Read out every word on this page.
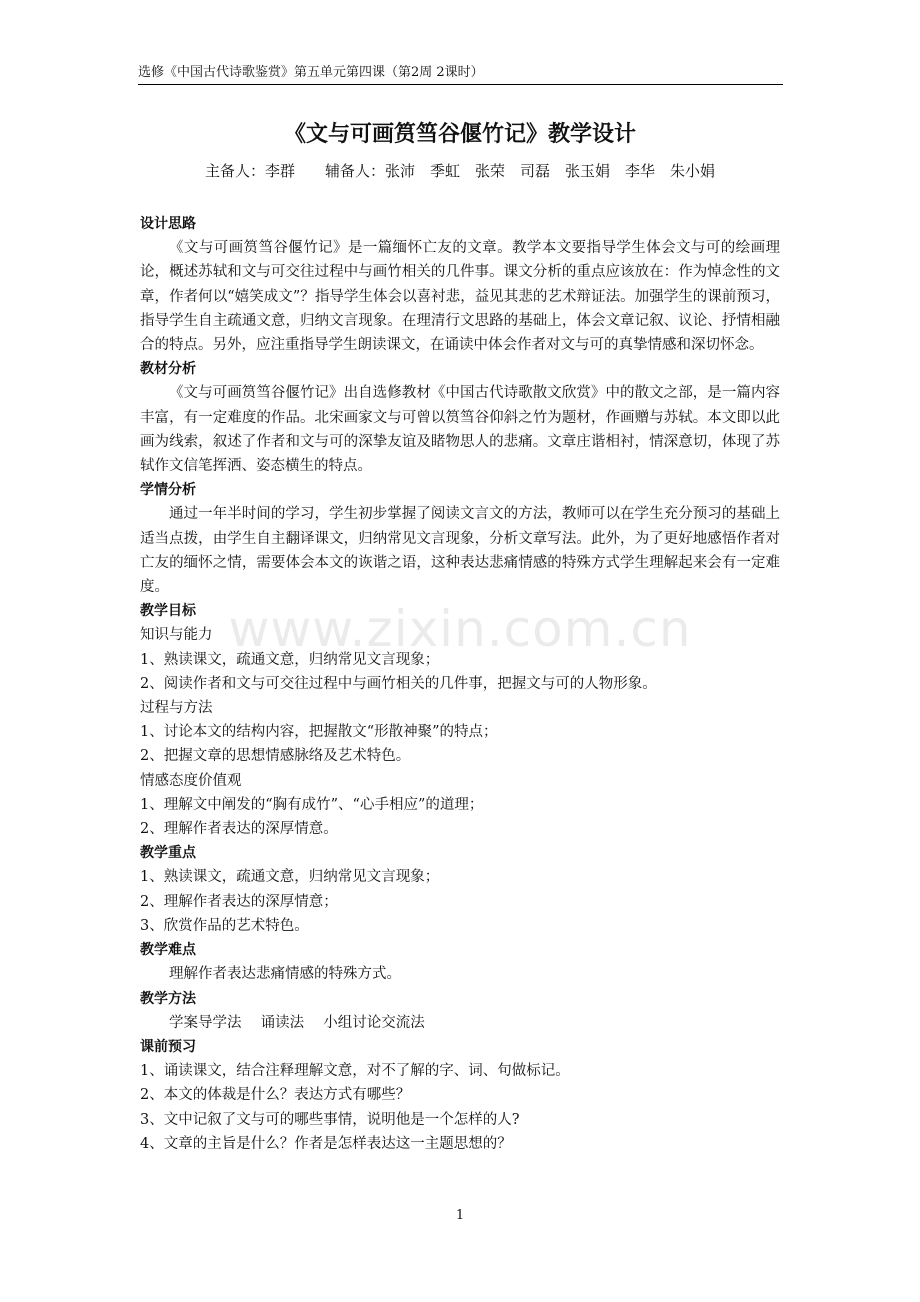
选修《中国古代诗歌鉴赏》第五单元第四课（第2周 2课时）
《文与可画筼筜谷偃竹记》教学设计
主备人：李群　　辅备人：张沛　季虹　张荣　司磊　张玉娟　李华　朱小娟
设计思路
《文与可画筼筜谷偃竹记》是一篇缅怀亡友的文章。教学本文要指导学生体会文与可的绘画理论，概述苏轼和文与可交往过程中与画竹相关的几件事。课文分析的重点应该放在：作为悼念性的文章，作者何以“嬉笑成文”？指导学生体会以喜衬悲，益见其悲的艺术辩证法。加强学生的课前预习，指导学生自主疏通文意，归纳文言现象。在理清行文思路的基础上，体会文章记叙、议论、抒情相融合的特点。另外，应注重指导学生朗读课文，在诵读中体会作者对文与可的真挚情感和深切怀念。
教材分析
《文与可画筼筜谷偃竹记》出自选修教材《中国古代诗歌散文欣赏》中的散文之部，是一篇内容丰富，有一定难度的作品。北宋画家文与可曾以筼筜谷仰斜之竹为题材，作画赠与苏轼。本文即以此画为线索，叙述了作者和文与可的深挚友谊及睹物思人的悲痛。文章庄谐相衬，情深意切，体现了苏轼作文信笔挥洒、姿态横生的特点。
学情分析
通过一年半时间的学习，学生初步掌握了阅读文言文的方法，教师可以在学生充分预习的基础上适当点拨，由学生自主翻译课文，归纳常见文言现象，分析文章写法。此外，为了更好地感悟作者对亡友的缅怀之情，需要体会本文的诙谐之语，这种表达悲痛情感的特殊方式学生理解起来会有一定难度。
教学目标
知识与能力
1、熟读课文，疏通文意，归纳常见文言现象；
2、阅读作者和文与可交往过程中与画竹相关的几件事，把握文与可的人物形象。
过程与方法
1、讨论本文的结构内容，把握散文“形散神聚”的特点；
2、把握文章的思想情感脉络及艺术特色。
情感态度价值观
1、理解文中阐发的“胸有成竹”、“心手相应”的道理；
2、理解作者表达的深厚情意。
教学重点
1、熟读课文，疏通文意，归纳常见文言现象；
2、理解作者表达的深厚情意；
3、欣赏作品的艺术特色。
教学难点
理解作者表达悲痛情感的特殊方式。
教学方法
学案导学法　 诵读法　 小组讨论交流法
课前预习
1、诵读课文，结合注释理解文意，对不了解的字、词、句做标记。
2、本文的体裁是什么？表达方式有哪些？
3、文中记叙了文与可的哪些事情，说明他是一个怎样的人?
4、文章的主旨是什么？作者是怎样表达这一主题思想的？
www.zixin.com.cn
1
